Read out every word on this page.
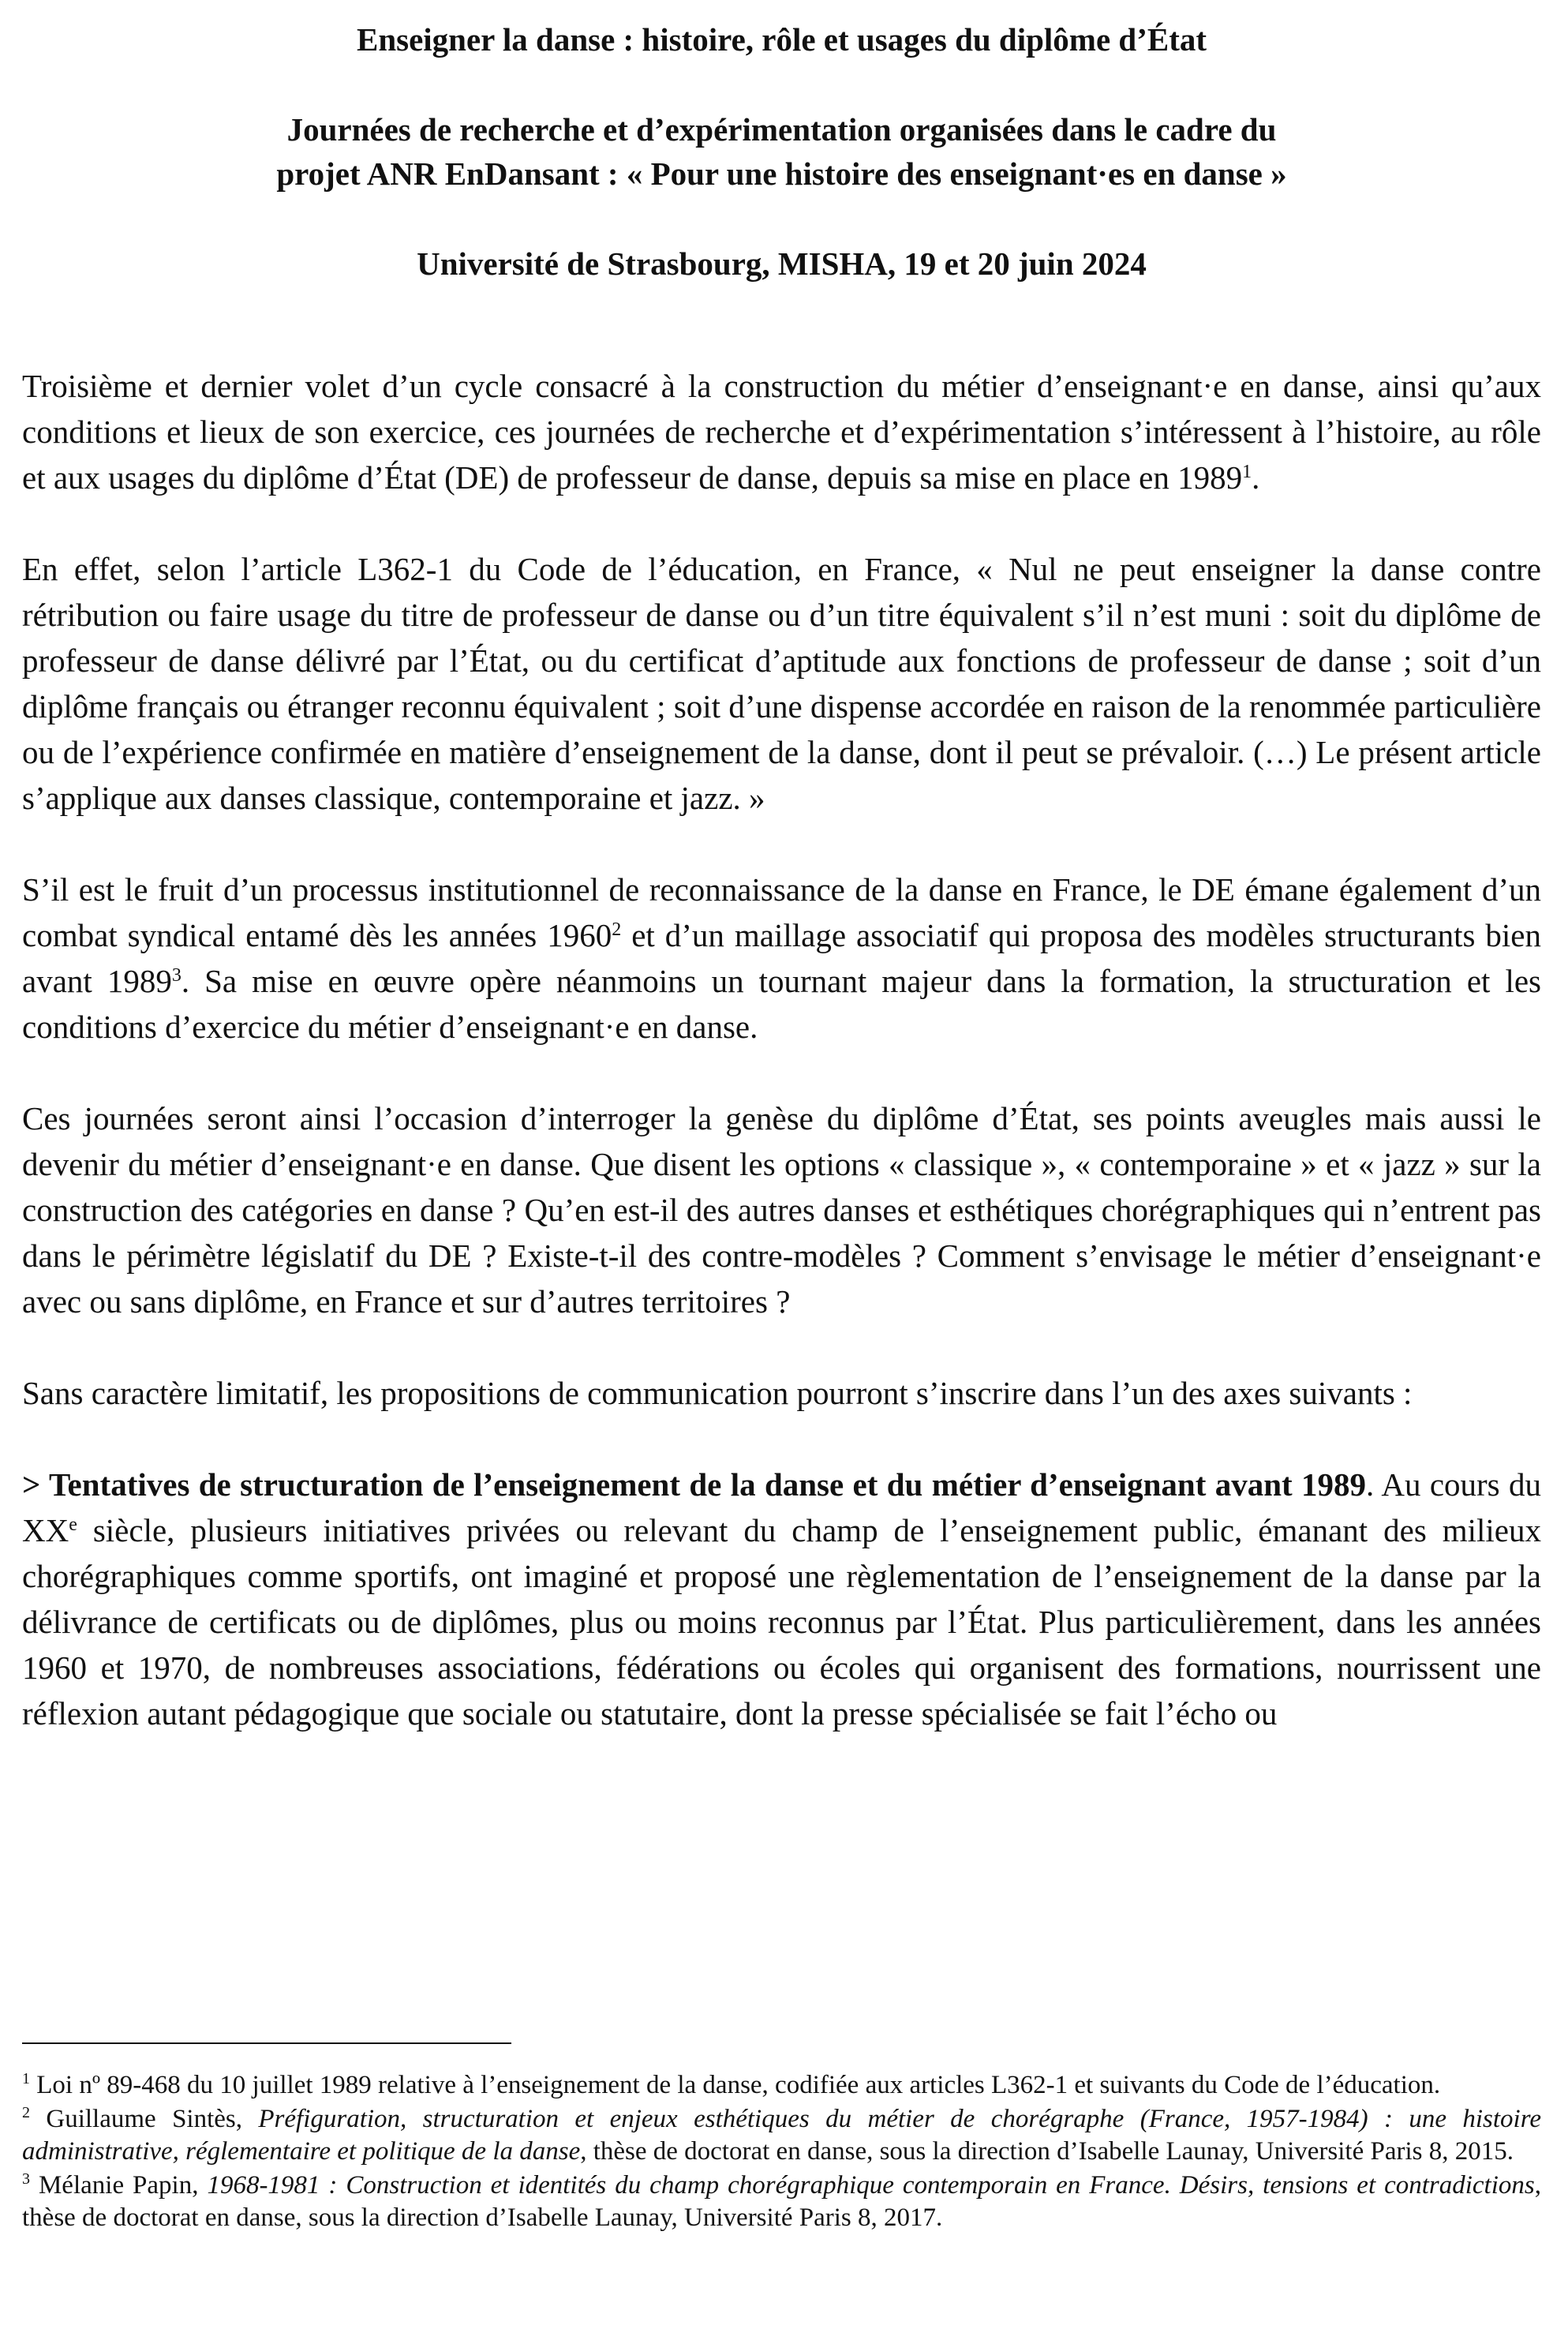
Enseigner la danse : histoire, rôle et usages du diplôme d’État

Journées de recherche et d’expérimentation organisées dans le cadre du
projet ANR EnDansant : « Pour une histoire des enseignant·es en danse »

Université de Strasbourg, MISHA, 19 et 20 juin 2024

Troisième et dernier volet d’un cycle consacré à la construction du métier d’enseignant·e en danse, ainsi qu’aux conditions et lieux de son exercice, ces journées de recherche et d’expérimentation s’intéressent à l’histoire, au rôle et aux usages du diplôme d’État (DE) de professeur de danse, depuis sa mise en place en 1989$^1$.

En effet, selon l’article L362-1 du Code de l’éducation, en France, « Nul ne peut enseigner la danse contre rétribution ou faire usage du titre de professeur de danse ou d’un titre équivalent s’il n’est muni : soit du diplôme de professeur de danse délivré par l’État, ou du certificat d’aptitude aux fonctions de professeur de danse ; soit d’un diplôme français ou étranger reconnu équivalent ; soit d’une dispense accordée en raison de la renommée particulière ou de l’expérience confirmée en matière d’enseignement de la danse, dont il peut se prévaloir. (…) Le présent article s’applique aux danses classique, contemporaine et jazz. »

S’il est le fruit d’un processus institutionnel de reconnaissance de la danse en France, le DE émane également d’un combat syndical entamé dès les années 1960$^2$ et d’un maillage associatif qui proposa des modèles structurants bien avant 1989$^3$. Sa mise en œuvre opère néanmoins un tournant majeur dans la formation, la structuration et les conditions d’exercice du métier d’enseignant·e en danse.

Ces journées seront ainsi l’occasion d’interroger la genèse du diplôme d’État, ses points aveugles mais aussi le devenir du métier d’enseignant·e en danse. Que disent les options « classique », « contemporaine » et « jazz » sur la construction des catégories en danse ? Qu’en est-il des autres danses et esthétiques chorégraphiques qui n’entrent pas dans le périmètre législatif du DE ? Existe-t-il des contre-modèles ? Comment s’envisage le métier d’enseignant·e avec ou sans diplôme, en France et sur d’autres territoires ?

Sans caractère limitatif, les propositions de communication pourront s’inscrire dans l’un des axes suivants :

> Tentatives de structuration de l’enseignement de la danse et du métier d’enseignant avant 1989. Au cours du XXe siècle, plusieurs initiatives privées ou relevant du champ de l’enseignement public, émanant des milieux chorégraphiques comme sportifs, ont imaginé et proposé une règlementation de l’enseignement de la danse par la délivrance de certificats ou de diplômes, plus ou moins reconnus par l’État. Plus particulièrement, dans les années 1960 et 1970, de nombreuses associations, fédérations ou écoles qui organisent des formations, nourrissent une réflexion autant pédagogique que sociale ou statutaire, dont la presse spécialisée se fait l’écho ou

$^1$ Loi nº 89-468 du 10 juillet 1989 relative à l’enseignement de la danse, codifiée aux articles L362-1 et suivants du Code de l’éducation.

$^2$ Guillaume Sintès, Préfiguration, structuration et enjeux esthétiques du métier de chorégraphe (France, 1957-1984) : une histoire administrative, réglementaire et politique de la danse, thèse de doctorat en danse, sous la direction d’Isabelle Launay, Université Paris 8, 2015.

$^3$ Mélanie Papin, 1968-1981 : Construction et identités du champ chorégraphique contemporain en France. Désirs, tensions et contradictions, thèse de doctorat en danse, sous la direction d’Isabelle Launay, Université Paris 8, 2017.
